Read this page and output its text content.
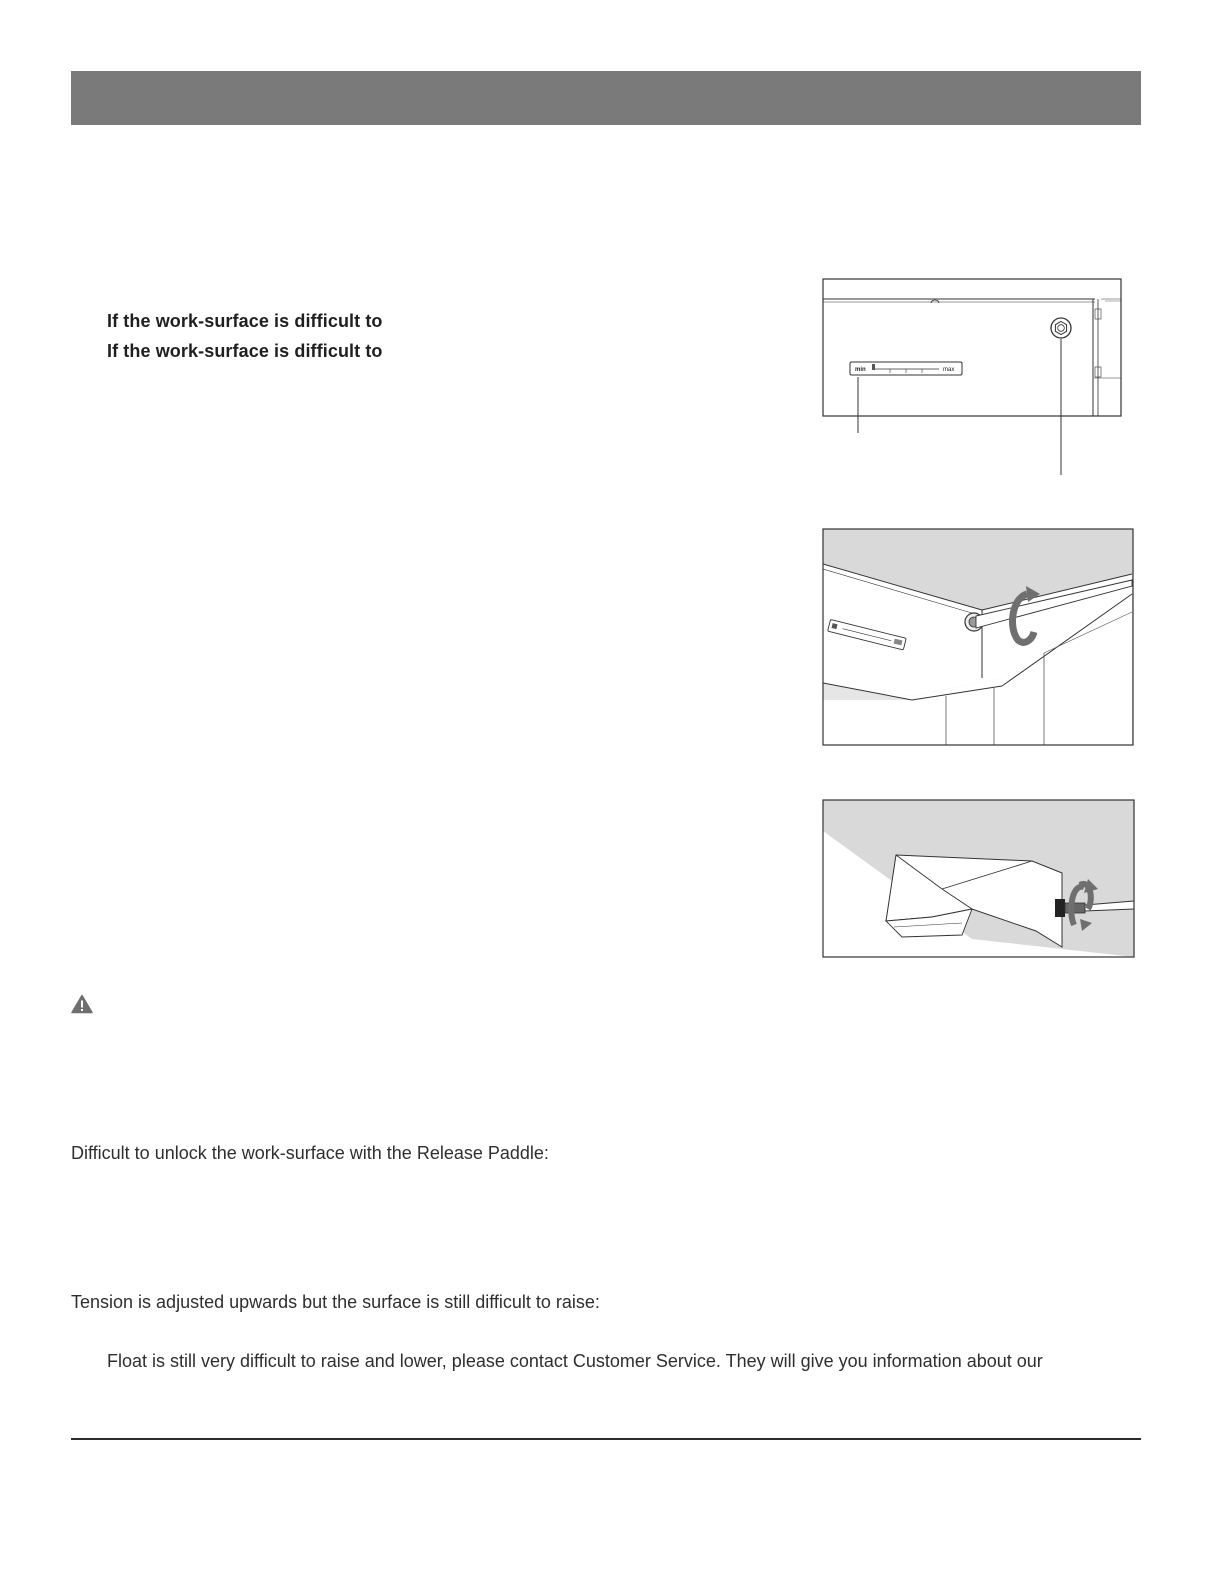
If the work-surface is difficult to
If the work-surface is difficult to
min	max
Difficult to unlock the work-surface with the Release Paddle:
Tension is adjusted upwards but the surface is still difficult to raise:
Float is still very difficult to raise and lower, please contact Customer Service. They will give you information about our
